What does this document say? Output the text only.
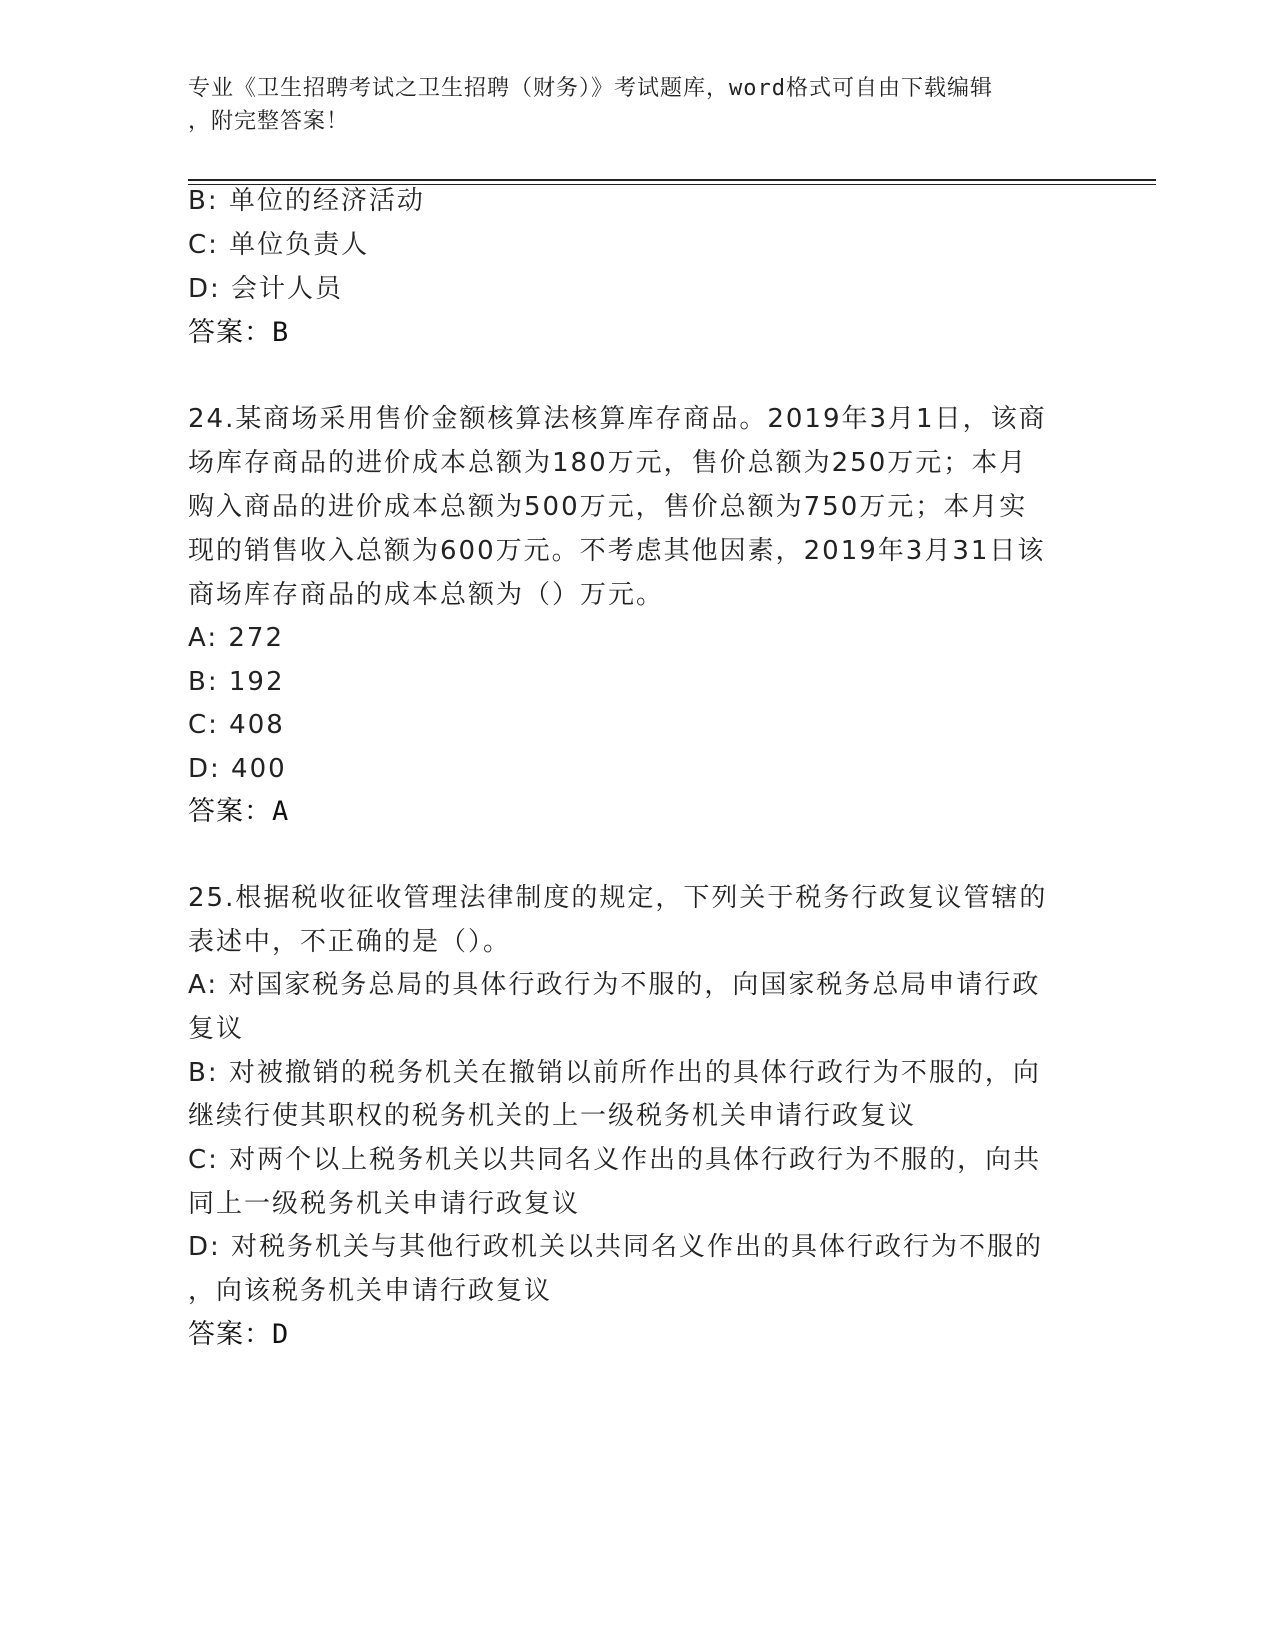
专业《卫生招聘考试之卫生招聘（财务）》考试题库，word格式可自由下载编辑
，附完整答案！
B: 单位的经济活动
C: 单位负责人
D: 会计人员
答案：B
24.某商场采用售价金额核算法核算库存商品。2019年3月1日，该商
场库存商品的进价成本总额为180万元，售价总额为250万元；本月
购入商品的进价成本总额为500万元，售价总额为750万元；本月实
现的销售收入总额为600万元。不考虑其他因素，2019年3月31日该
商场库存商品的成本总额为（）万元。
A: 272
B: 192
C: 408
D: 400
答案：A
25.根据税收征收管理法律制度的规定，下列关于税务行政复议管辖的
表述中，不正确的是（）。
A: 对国家税务总局的具体行政行为不服的，向国家税务总局申请行政
复议
B: 对被撤销的税务机关在撤销以前所作出的具体行政行为不服的，向
继续行使其职权的税务机关的上一级税务机关申请行政复议
C: 对两个以上税务机关以共同名义作出的具体行政行为不服的，向共
同上一级税务机关申请行政复议
D: 对税务机关与其他行政机关以共同名义作出的具体行政行为不服的
，向该税务机关申请行政复议
答案：D
